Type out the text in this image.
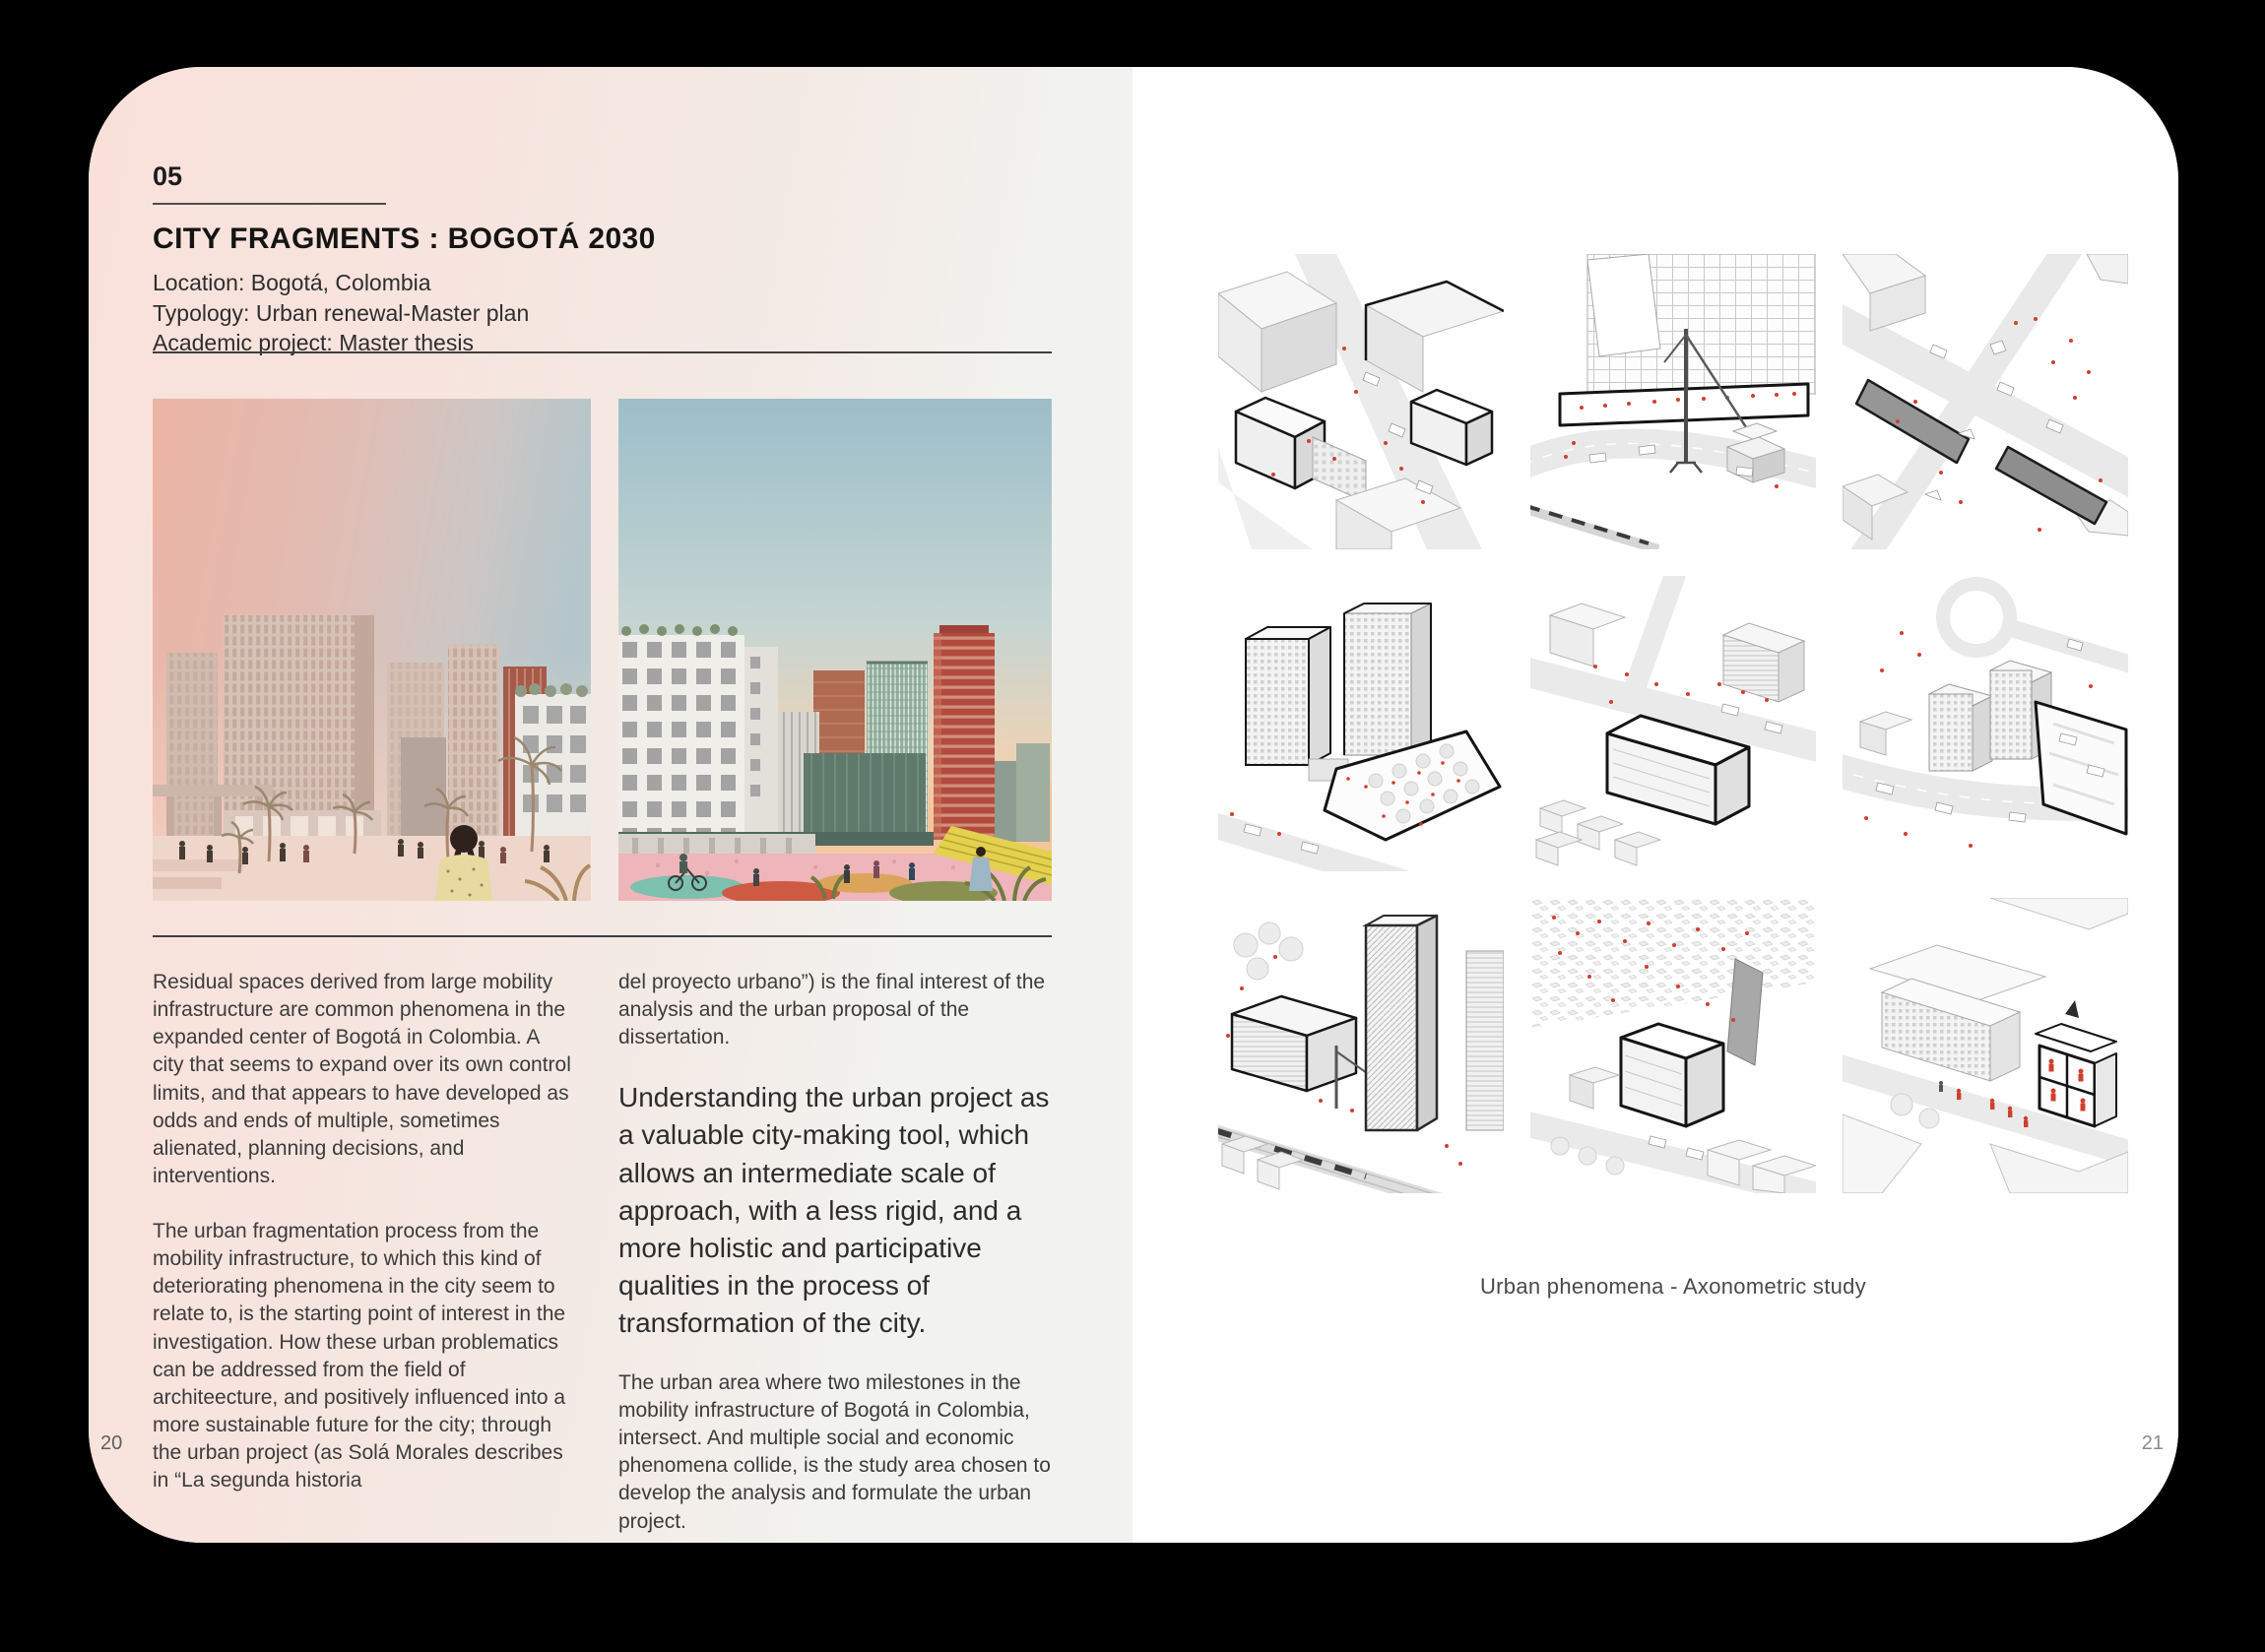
05
CITY FRAGMENTS : BOGOTÁ 2030
Location: Bogotá, Colombia
Typology: Urban renewal-Master plan
Academic project: Master thesis

Residual spaces derived from large mobility infrastructure are common phenomena in the expanded center of Bogotá in Colombia. A city that seems to expand over its own control limits, and that appears to have developed as odds and ends of multiple, sometimes alienated, planning decisions, and interventions.

The urban fragmentation process from the mobility infrastructure, to which this kind of deteriorating phenomena in the city seem to relate to, is the starting point of interest in the investigation. How these urban problematics can be addressed from the field of architeecture, and positively influenced into a more sustainable future for the city; through the urban project (as Solá Morales describes in “La segunda historia

del proyecto urbano”) is the final interest of the analysis and the urban proposal of the dissertation.

Understanding the urban project as a valuable city-making tool, which allows an intermediate scale of approach, with a less rigid, and a more holistic and participative qualities in the process of transformation of the city.

The urban area where two milestones in the mobility infrastructure of Bogotá in Colombia, intersect. And multiple social and economic phenomena collide, is the study area chosen to develop the analysis and formulate the urban project.

20
Urban phenomena - Axonometric study
21
